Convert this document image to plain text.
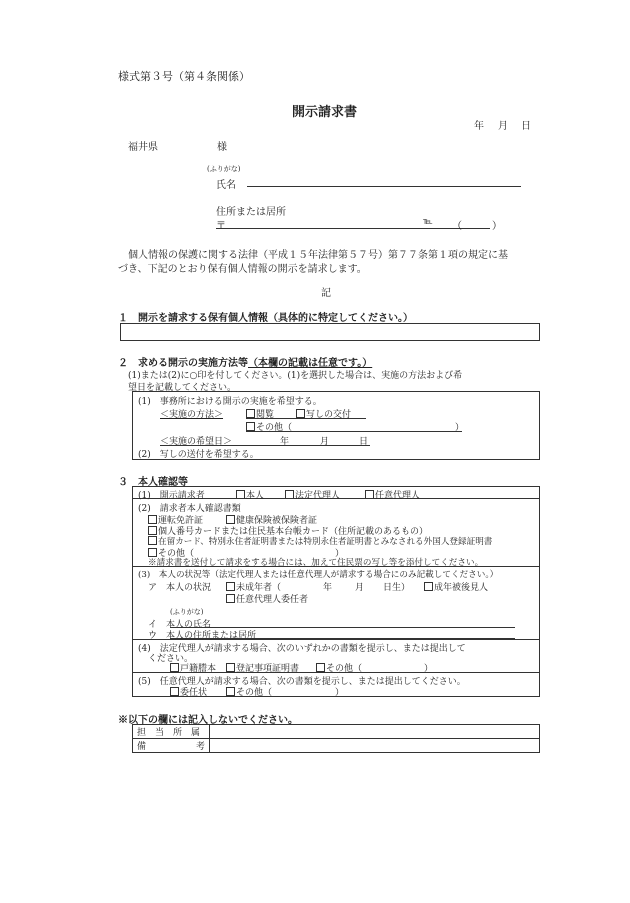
様式第３号（第４条関係）
開示請求書
年 月 日
福井県	様
(ふりがな)
氏名
住所または居所
〒	℡ （　　　）
個人情報の保護に関する法律（平成１５年法律第５７号）第７７条第１項の規定に基
づき、下記のとおり保有個人情報の開示を請求します。
記
１　開示を請求する保有個人情報（具体的に特定してください。）
２　求める開示の実施方法等（本欄の記載は任意です。）
(1)または(2)に○印を付してください。(1)を選択した場合は、実施の方法および希
望日を記載してください。
(1)　事務所における開示の実施を希望する。
＜実施の方法＞	閲覧	写しの交付
その他（	）
＜実施の希望日＞	年	月	日
(2)　写しの送付を希望する。
３　本人確認等
(1)　開示請求者	本人	法定代理人	任意代理人
(2)　請求者本人確認書類
運転免許証	健康保険被保険者証
個人番号カードまたは住民基本台帳カード（住所記載のあるもの）
在留カード、特別永住者証明書または特別永住者証明書とみなされる外国人登録証明書
その他（	）
※請求書を送付して請求をする場合には、加えて住民票の写し等を添付してください。
(3)　本人の状況等（法定代理人または任意代理人が請求する場合にのみ記載してください。）
ア　本人の状況	未成年者（	年	月 日生）	成年被後見人
任意代理人委任者
(ふりがな)
イ　本人の氏名
ウ　本人の住所または居所
(4)　法定代理人が請求する場合、次のいずれかの書類を提示し、または提出して
ください。
戸籍謄本	登記事項証明書	その他（	）
(5)　任意代理人が請求する場合、次の書類を提示し、または提出してください。
委任状	その他（	）
※以下の欄には記入しないでください。
担　当　所　属	
備 考	
